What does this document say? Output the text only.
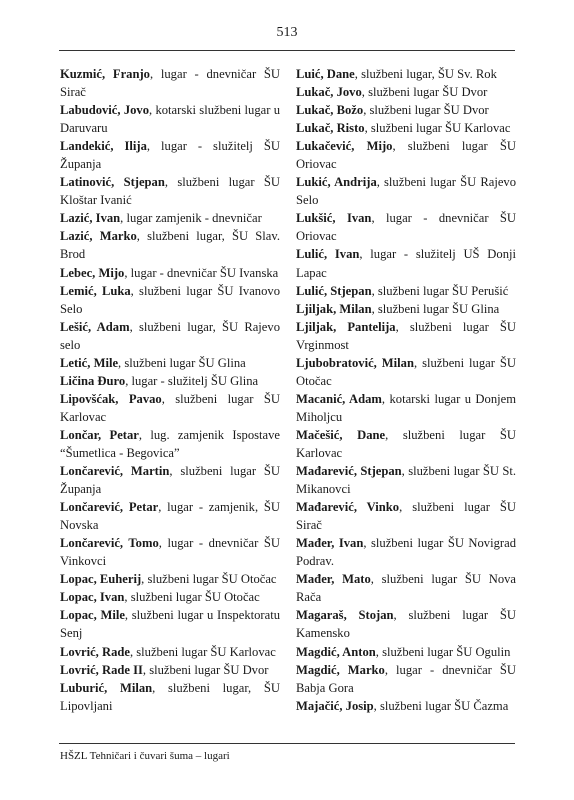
513

Kuzmić, Franjo, lugar - dnevničar ŠU Sirač

Labudović, Jovo, kotarski službeni lugar u Daruvaru

Landekić, Ilija, lugar - služitelj ŠU Županja

Latinović, Stjepan, službeni lugar ŠU Kloštar Ivanić

Lazić, Ivan, lugar zamjenik - dnevničar

Lazić, Marko, službeni lugar, ŠU Slav. Brod

Lebec, Mijo, lugar - dnevničar ŠU Ivanska

Lemić, Luka, službeni lugar ŠU Ivanovo Selo

Lešić, Adam, službeni lugar, ŠU Rajevo selo

Letić, Mile, službeni lugar ŠU Glina

Ličina Đuro, lugar - služitelj ŠU Glina

Lipovšćak, Pavao, službeni lugar ŠU Karlovac

Lončar, Petar, lug. zamjenik Ispostave “Šumetlica - Begovica”

Lončarević, Martin, službeni lugar ŠU Županja

Lončarević, Petar, lugar - zamjenik, ŠU Novska

Lončarević, Tomo, lugar - dnevničar ŠU Vinkovci

Lopac, Euherij, službeni lugar ŠU Otočac

Lopac, Ivan, službeni lugar ŠU Otočac

Lopac, Mile, službeni lugar u Inspektoratu Senj

Lovrić, Rade, službeni lugar ŠU Karlovac

Lovrić, Rade II, službeni lugar ŠU Dvor

Luburić, Milan, službeni lugar, ŠU Lipovljani

Luić, Dane, službeni lugar, ŠU Sv. Rok

Lukač, Jovo, službeni lugar ŠU Dvor

Lukač, Božo, službeni lugar ŠU Dvor

Lukač, Risto, službeni lugar ŠU Karlovac

Lukačević, Mijo, službeni lugar ŠU Oriovac

Lukić, Andrija, službeni lugar ŠU Rajevo Selo

Lukšić, Ivan, lugar - dnevničar ŠU Oriovac

Lulić, Ivan, lugar - služitelj UŠ Donji Lapac

Lulić, Stjepan, službeni lugar ŠU Perušić

Ljiljak, Milan, službeni lugar ŠU Glina

Ljiljak, Pantelija, službeni lugar ŠU Vrginmost

Ljubobratović, Milan, službeni lugar ŠU Otočac

Macanić, Adam, kotarski lugar u Donjem Miholjcu

Mačešić, Dane, službeni lugar ŠU Karlovac

Mađarević, Stjepan, službeni lugar ŠU St. Mikanovci

Mađarević, Vinko, službeni lugar ŠU Sirač

Mađer, Ivan, službeni lugar ŠU Novigrad Podrav.

Mađer, Mato, službeni lugar ŠU Nova Rača

Magaraš, Stojan, službeni lugar ŠU Kamensko

Magdić, Anton, službeni lugar ŠU Ogulin

Magdić, Marko, lugar - dnevničar ŠU Babja Gora

Majačić, Josip, službeni lugar ŠU Čazma

HŠZL Tehničari i čuvari šuma – lugari
